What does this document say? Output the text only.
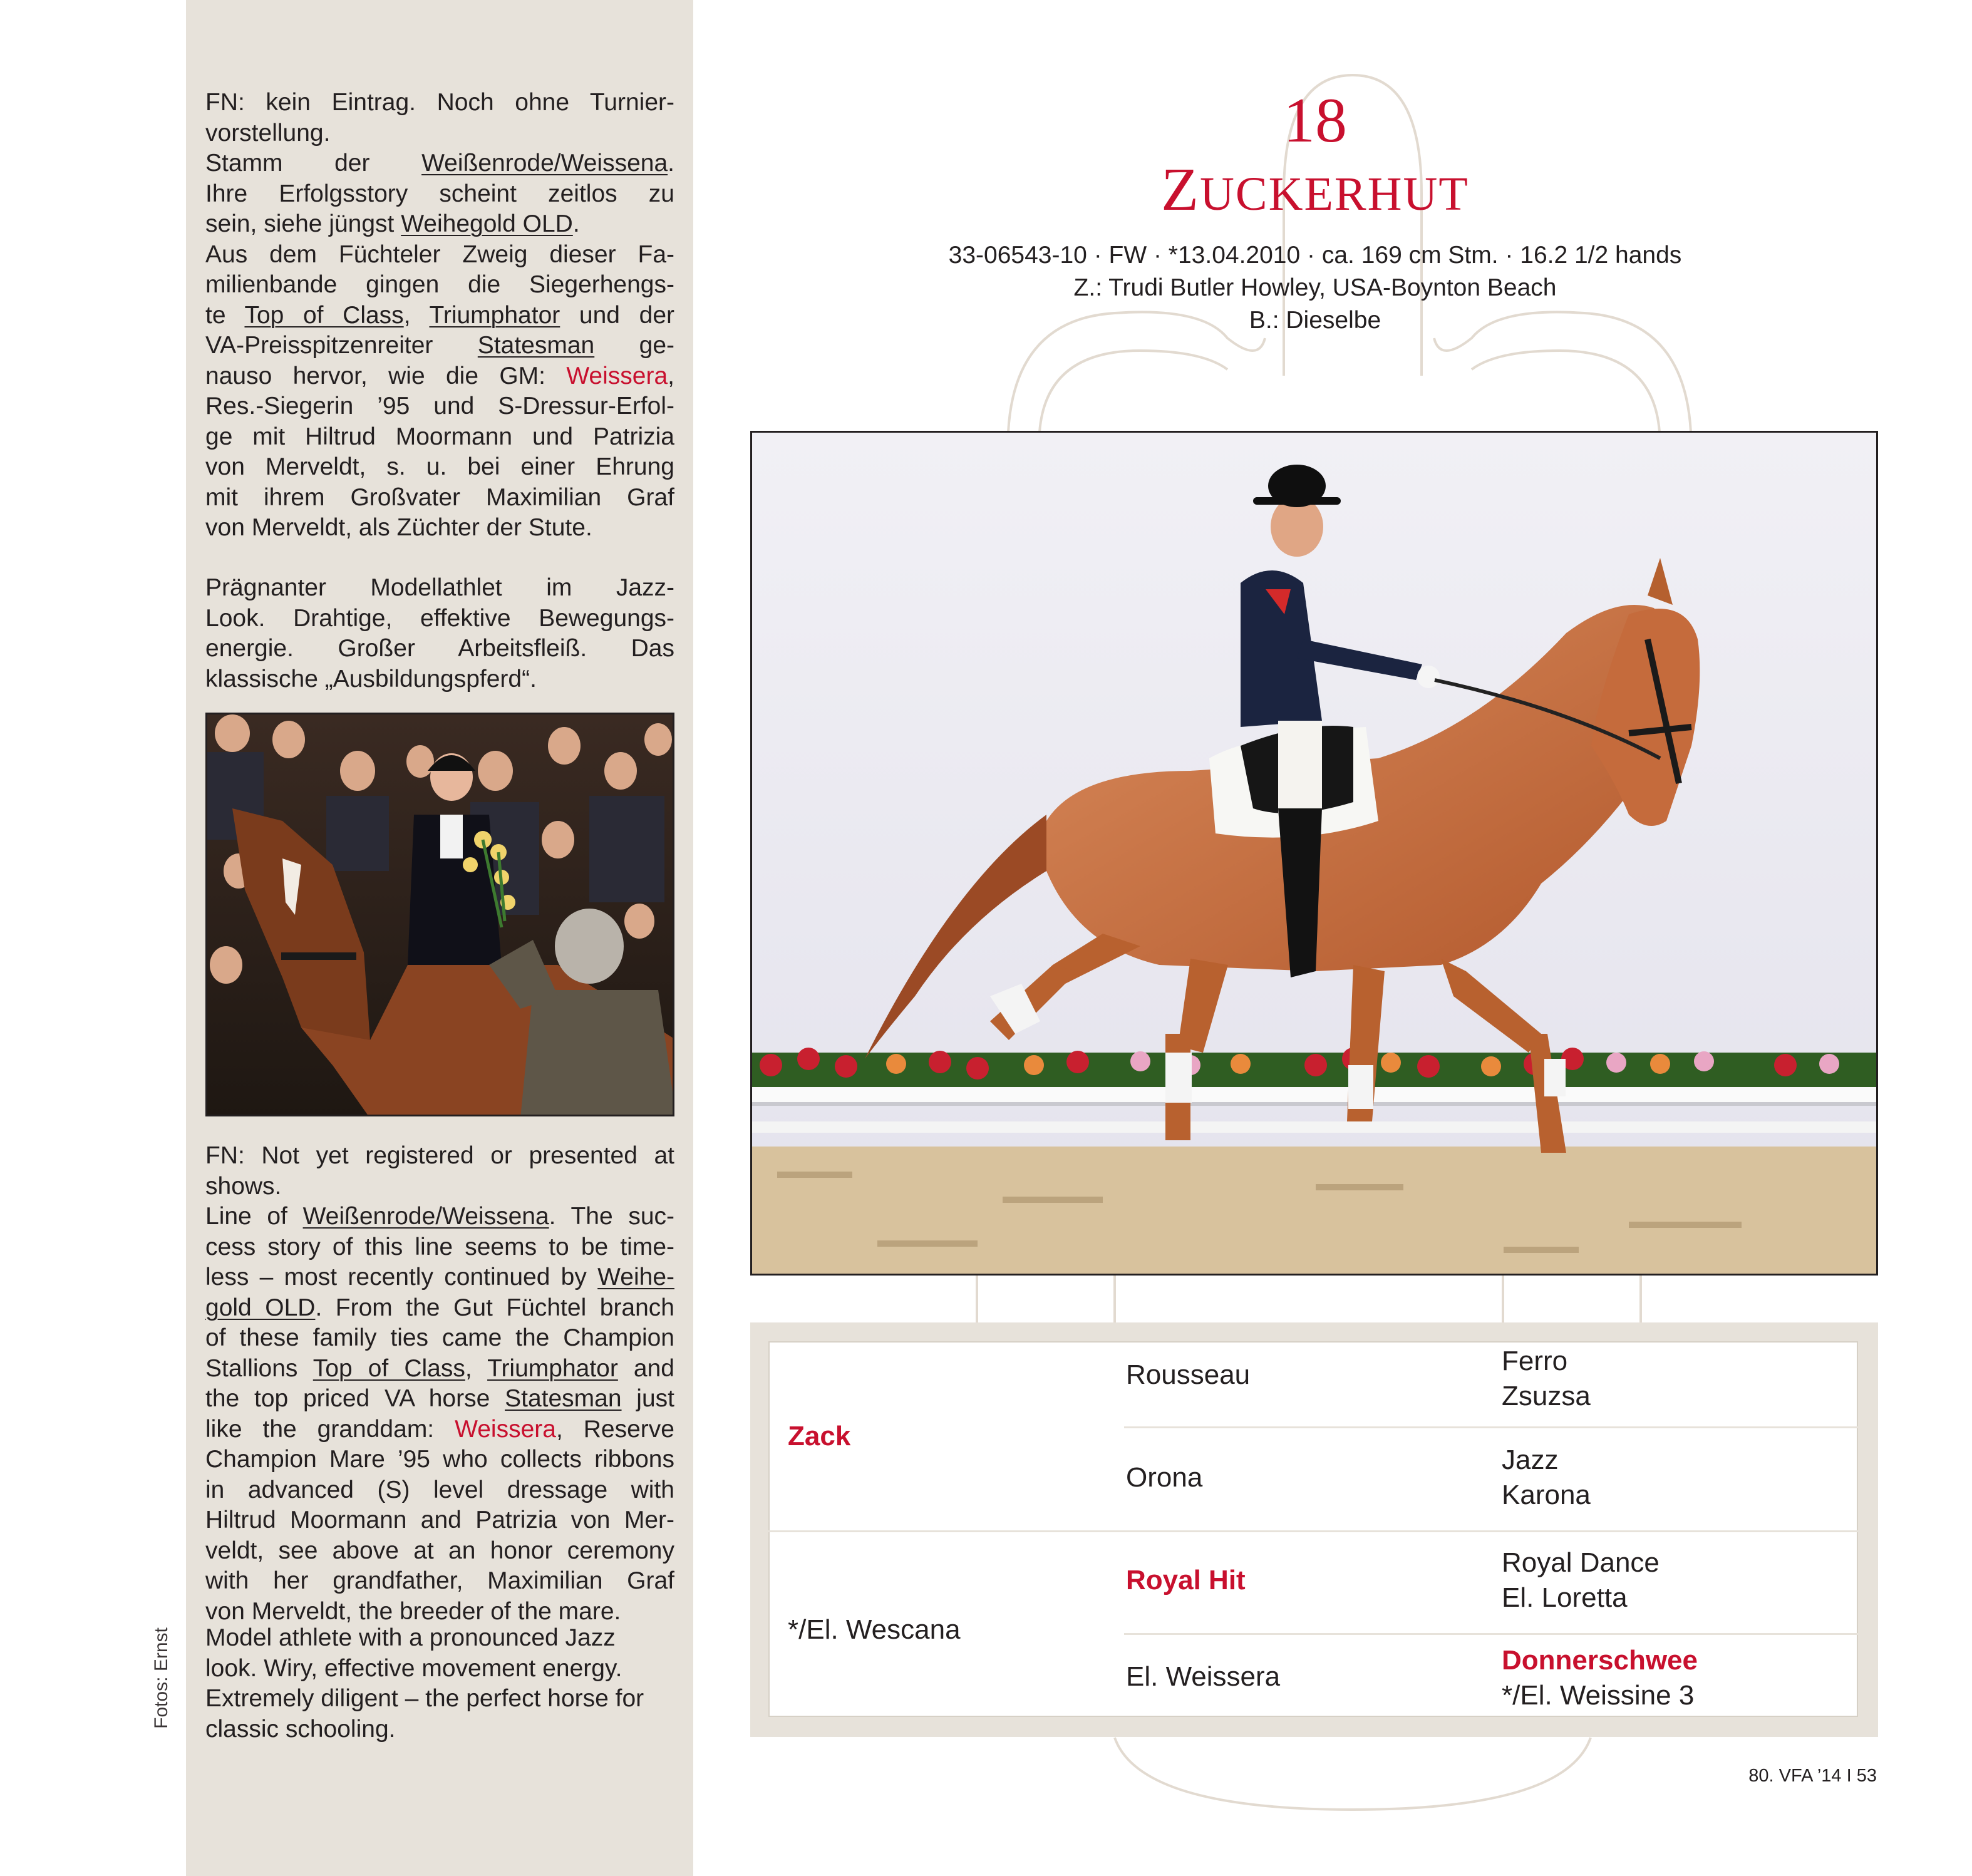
Fotos: Ernst
FN: kein Eintrag. Noch ohne Turnier-
vorstellung.
Stamm der Weißenrode/Weissena.
Ihre Erfolgsstory scheint zeitlos zu
sein, siehe jüngst Weihegold OLD.
Aus dem Füchteler Zweig dieser Fa-
milienbande gingen die Siegerhengs-
te Top of Class, Triumphator und der
VA-Preisspitzenreiter Statesman ge-
nauso hervor, wie die GM: Weissera,
Res.-Siegerin ’95 und S-Dressur-Erfol-
ge mit Hiltrud Moormann und Patrizia
von Merveldt, s. u. bei einer Ehrung
mit ihrem Großvater Maximilian Graf
von Merveldt, als Züchter der Stute.
Prägnanter Modellathlet im Jazz-
Look. Drahtige, effektive Bewegungs-
energie. Großer Arbeitsfleiß. Das
klassische „Ausbildungspferd“.
FN: Not yet registered or presented at
shows.
Line of Weißenrode/Weissena. The suc-
cess story of this line seems to be time-
less – most recently continued by Weihe-
gold OLD. From the Gut Füchtel branch
of these family ties came the Champion
Stallions Top of Class, Triumphator and
the top priced VA horse Statesman just
like the granddam: Weissera, Reserve
Champion Mare ’95 who collects ribbons
in advanced (S) level dressage with
Hiltrud Moormann and Patrizia von Mer-
veldt, see above at an honor ceremony
with her grandfather, Maximilian Graf
von Merveldt, the breeder of the mare.
Model athlete with a pronounced Jazz
look. Wiry, effective movement energy.
Extremely diligent – the perfect horse for
classic schooling.
18
ZUCKERHUT
33-06543-10 · FW · *13.04.2010 · ca. 169 cm Stm. · 16.2 1/2 hands
Z.: Trudi Butler Howley, USA-Boynton Beach
B.: Dieselbe
Zack
*/El. Wescana
Rousseau
Orona
Royal Hit
El. Weissera
Ferro
Zsuzsa
Jazz
Karona
Royal Dance
El. Loretta
Donnerschwee
*/El. Weissine 3
80. VFA ’14 I 53
